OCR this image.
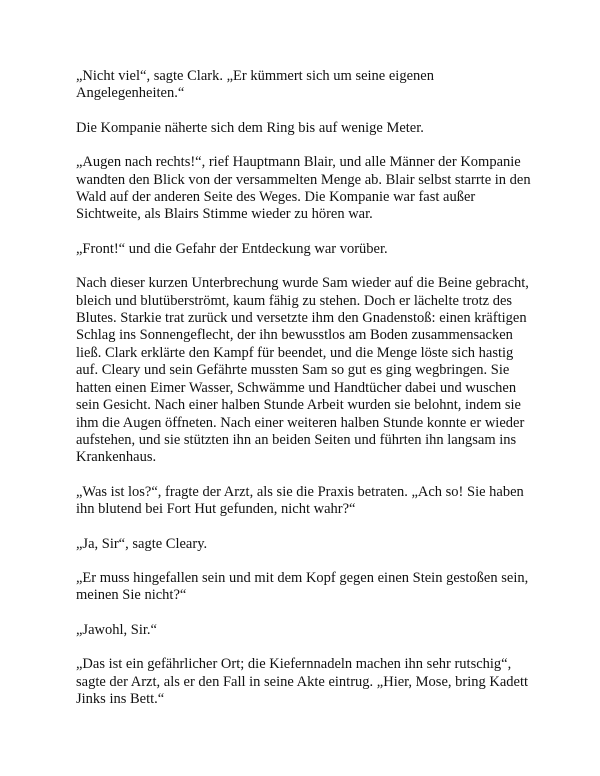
„Nicht viel“, sagte Clark. „Er kümmert sich um seine eigenen Angelegenheiten.“

Die Kompanie näherte sich dem Ring bis auf wenige Meter.

„Augen nach rechts!“, rief Hauptmann Blair, und alle Männer der Kompanie wandten den Blick von der versammelten Menge ab. Blair selbst starrte in den Wald auf der anderen Seite des Weges. Die Kompanie war fast außer Sichtweite, als Blairs Stimme wieder zu hören war.

„Front!“ und die Gefahr der Entdeckung war vorüber.

Nach dieser kurzen Unterbrechung wurde Sam wieder auf die Beine gebracht, bleich und blutüberströmt, kaum fähig zu stehen. Doch er lächelte trotz des Blutes. Starkie trat zurück und versetzte ihm den Gnadenstoß: einen kräftigen Schlag ins Sonnengeflecht, der ihn bewusstlos am Boden zusammensacken ließ. Clark erklärte den Kampf für beendet, und die Menge löste sich hastig auf. Cleary und sein Gefährte mussten Sam so gut es ging wegbringen. Sie hatten einen Eimer Wasser, Schwämme und Handtücher dabei und wuschen sein Gesicht. Nach einer halben Stunde Arbeit wurden sie belohnt, indem sie ihm die Augen öffneten. Nach einer weiteren halben Stunde konnte er wieder aufstehen, und sie stützten ihn an beiden Seiten und führten ihn langsam ins Krankenhaus.

„Was ist los?“, fragte der Arzt, als sie die Praxis betraten. „Ach so! Sie haben ihn blutend bei Fort Hut gefunden, nicht wahr?“

„Ja, Sir“, sagte Cleary.

„Er muss hingefallen sein und mit dem Kopf gegen einen Stein gestoßen sein, meinen Sie nicht?“

„Jawohl, Sir.“

„Das ist ein gefährlicher Ort; die Kiefernnadeln machen ihn sehr rutschig“, sagte der Arzt, als er den Fall in seine Akte eintrug. „Hier, Mose, bring Kadett Jinks ins Bett.“
